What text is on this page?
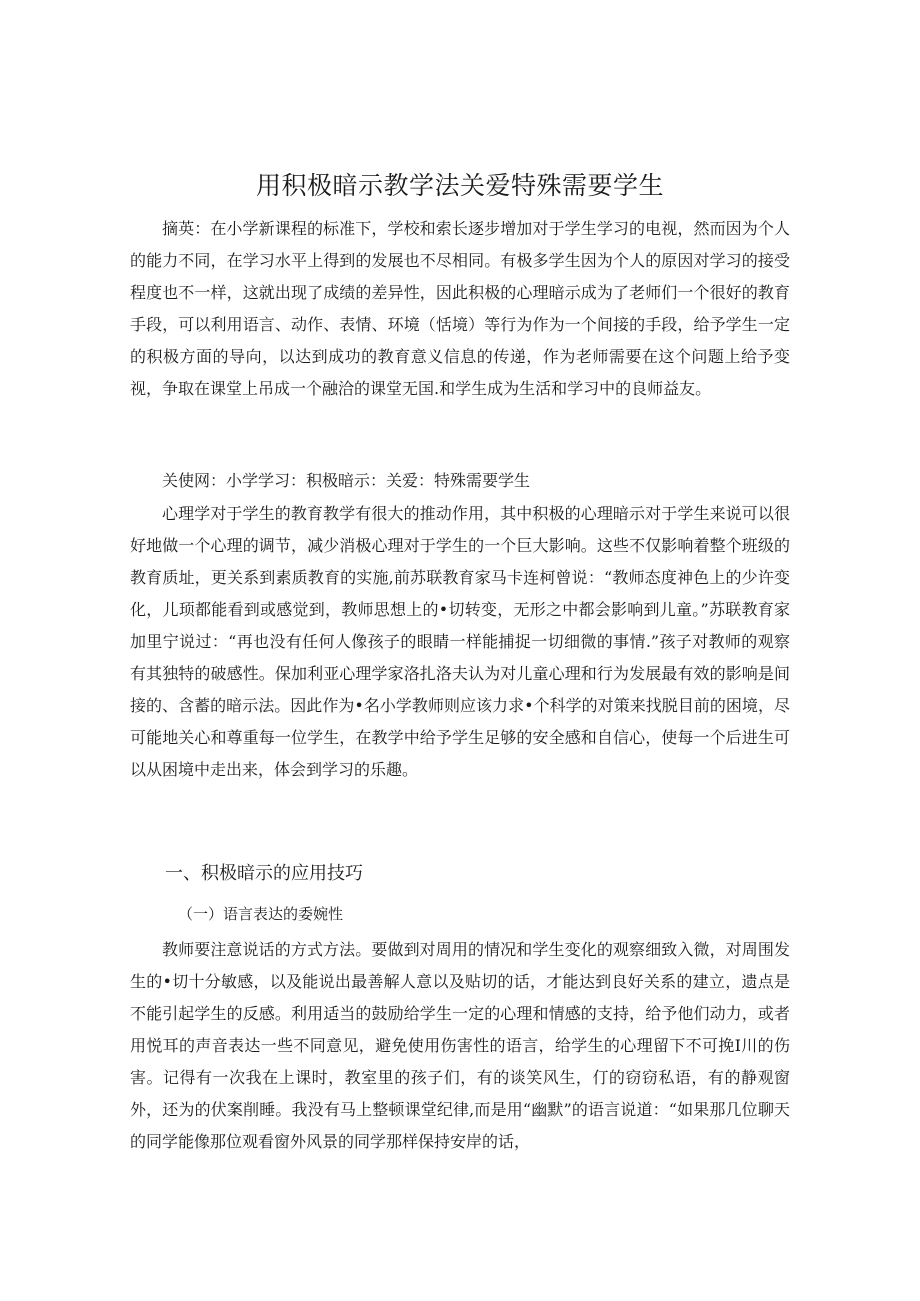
用积极暗示教学法关爱特殊需要学生

摘英：在小学新课程的标准下，学校和索长逐步增加对于学生学习的电视，然而因为个人的能力不同，在学习水平上得到的发展也不尽相同。有极多学生因为个人的原因对学习的接受程度也不一样，这就出现了成绩的差异性，因此积极的心理暗示成为了老师们一个很好的教育手段，可以利用语言、动作、表情、环境（恬境）等行为作为一个间接的手段，给予学生一定的积极方面的导向，以达到成功的教育意义信息的传递，作为老师需要在这个问题上给予变视，争取在课堂上吊成一个融洽的课堂无国.和学生成为生活和学习中的良师益友。

关使网：小学学习：积极暗示：关爱：特殊需要学生

心理学对于学生的教育教学有很大的推动作用，其中积极的心理暗示对于学生来说可以很好地做一个心理的调节，减少消极心理对于学生的一个巨大影响。这些不仅影响着整个班级的教育质址，更关系到素质教育的实施,前苏联教育家马卡连柯曾说：“教师态度神色上的少许变化，儿顼都能看到或感觉到，教师思想上的•切转变，无形之中都会影响到儿童。”苏联教育家加里宁说过：“再也没有任何人像孩子的眼睛一样能捕捉一切细微的事情.”孩子对教师的观察有其独特的破感性。保加利亚心理学家洛扎洛夫认为对儿童心理和行为发展最有效的影响是间接的、含蓄的暗示法。因此作为•名小学教师则应该力求•个科学的对策来找脱目前的困境，尽可能地关心和尊重每一位学生，在教学中给予学生足够的安全感和自信心，使每一个后进生可以从困境中走出来，体会到学习的乐趣。

一、积极暗示的应用技巧
（一）语言表达的委婉性

教师要注意说话的方式方法。要做到对周用的情况和学生变化的观察细致入微，对周围发生的•切十分敏感，以及能说出最善解人意以及贴切的话，才能达到良好关系的建立，遗点是不能引起学生的反感。利用适当的鼓励给学生一定的心理和情感的支持，给予他们动力，或者用悦耳的声音表达一些不同意见，避免使用伤害性的语言，给学生的心理留下不可挽I川的伤害。记得有一次我在上课时，教室里的孩子们，有的谈笑风生，仃的窃窃私语，有的静观窗外，还为的伏案削睡。我没有马上整顿课堂纪律,而是用“幽默”的语言说道：“如果那几位聊天的同学能像那位观看窗外风景的同学那样保持安岸的话，
